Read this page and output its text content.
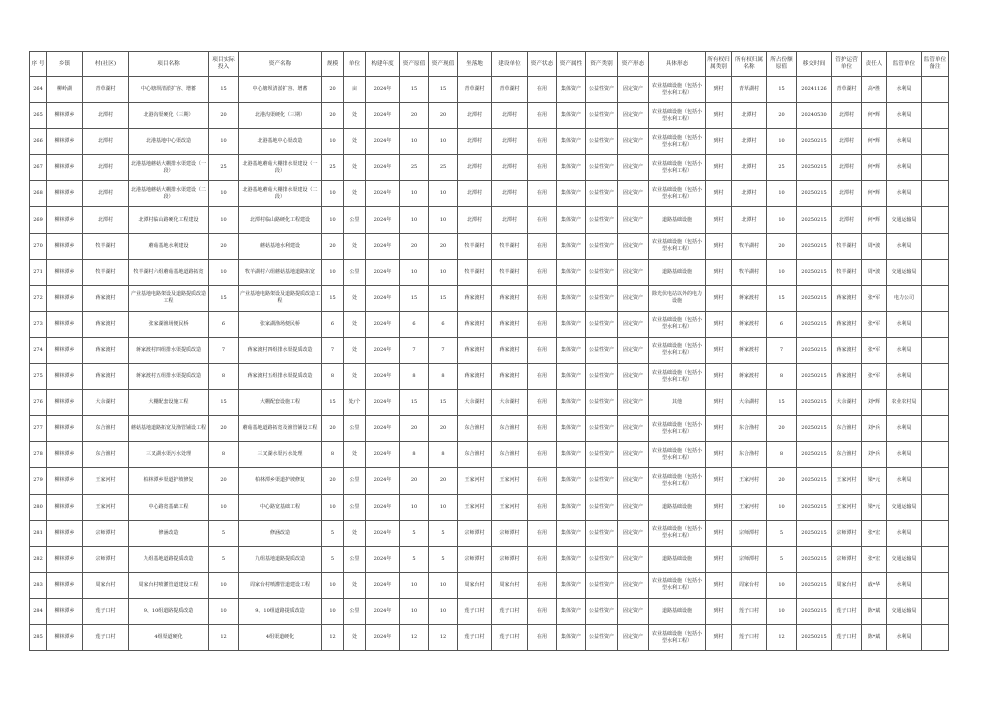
序 号	乡镇	村(社区)	项目名称	项目实际投入	资产名称	规模	单位	构建年度	资产原值	资产现值	坐落地	建设单位	资产状态	资产属性	资产类别	资产形态	具体形态	所有权归属类别	所有权归属名称	所占份额原值	移交时间	管护运营单位	责任人	监管单位	监管单位备注
264	柳岭湖	青草湖村	中心塘坝清淤扩容、增蓄	15	中心塘坝清淤扩容、增蓄	20	亩	2024年	15	15	青草湖村	青草湖村	在用	集体资产	公益性资产	固定资产	农业基础设施（包括小型水利工程）	到村	青草湖村	15	20241126	青草湖村	高*胜	水利局	
265	柳林潭乡	北潭村	北港沟渠硬化（三期）	20	北港沟渠硬化（三期）	20	处	2024年	20	20	北潭村	北潭村	在用	集体资产	公益性资产	固定资产	农业基础设施（包括小型水利工程）	到村	北潭村	20	20240530	北潭村	何*辉	水利局	
266	柳林潭乡	北潭村	北港基地中心渠改造	10	北港基地中心渠改造	10	处	2024年	10	10	北潭村	北潭村	在用	集体资产	公益性资产	固定资产	农业基础设施（包括小型水利工程）	到村	北潭村	10	20250215	北潭村	何*辉	水利局	
267	柳林潭乡	北潭村	北港基地蘑菇大棚排水渠建设（一段）	25	北港基地蘑菇大棚排水渠建设（一段）	25	处	2024年	25	25	北潭村	北潭村	在用	集体资产	公益性资产	固定资产	农业基础设施（包括小型水利工程）	到村	北潭村	25	20250215	北潭村	何*辉	水利局	
268	柳林潭乡	北潭村	北港基地蘑菇大棚排水渠建设（二段）	10	北港基地蘑菇大棚排水渠建设（二段）	10	处	2024年	10	10	北潭村	北潭村	在用	集体资产	公益性资产	固定资产	农业基础设施（包括小型水利工程）	到村	北潭村	10	20250215	北潭村	何*辉	水利局	
269	柳林潭乡	北潭村	北潭村临山路硬化工程建设	10	北潭村临山路硬化工程建设	10	公里	2024年	10	10	北潭村	北潭村	在用	集体资产	公益性资产	固定资产	道路基础设施	到村	北潭村	10	20250215	北潭村	何*辉	交通运输局	
270	柳林潭乡	牧羊湖村	蘑菇基地水利建设	20	蘑菇基地水利建设	20	处	2024年	20	20	牧羊湖村	牧羊湖村	在用	集体资产	公益性资产	固定资产	农业基础设施（包括小型水利工程）	到村	牧羊湖村	20	20250215	牧羊湖村	周*波	水利局	
271	柳林潭乡	牧羊湖村	牧羊湖村六组蘑菇基地道路拓宽	10	牧羊湖村六组蘑菇基地道路拓宽	10	公里	2024年	10	10	牧羊湖村	牧羊湖村	在用	集体资产	公益性资产	固定资产	道路基础设施	到村	牧羊湖村	10	20250215	牧羊湖村	周*波	交通运输局	
272	柳林潭乡	蒋家渡村	产业基地电路架设及道路提质改造工程	15	产业基地电路架设及道路提质改造工程	15	处	2024年	15	15	蒋家渡村	蒋家渡村	在用	集体资产	公益性资产	固定资产	除光伏电站以外的电力设施	到村	蒋家渡村	15	20250215	蒋家渡村	张*军	电力公司	
273	柳林潭乡	蒋家渡村	张家湖渔场便民桥	6	张家湖渔场便民桥	6	处	2024年	6	6	蒋家渡村	蒋家渡村	在用	集体资产	公益性资产	固定资产	农业基础设施（包括小型水利工程）	到村	蒋家渡村	6	20250215	蒋家渡村	张*军	水利局	
274	柳林潭乡	蒋家渡村	蒋家渡村四组排水渠提质改造	7	蒋家渡村四组排水渠提质改造	7	处	2024年	7	7	蒋家渡村	蒋家渡村	在用	集体资产	公益性资产	固定资产	农业基础设施（包括小型水利工程）	到村	蒋家渡村	7	20250215	蒋家渡村	张*军	水利局	
275	柳林潭乡	蒋家渡村	蒋家渡村五组排水渠提质改造	8	蒋家渡村五组排水渠提质改造	8	处	2024年	8	8	蒋家渡村	蒋家渡村	在用	集体资产	公益性资产	固定资产	农业基础设施（包括小型水利工程）	到村	蒋家渡村	8	20250215	蒋家渡村	张*军	水利局	
276	柳林潭乡	大余湖村	大棚配套设施工程	15	大棚配套设施工程	15	处/个	2024年	15	15	大余湖村	大余湖村	在用	集体资产	公益性资产	固定资产	其他	到村	大余湖村	15	20250215	大余湖村	刘*辉	农业农村局	
277	柳林潭乡	东合渔村	蘑菇基地道路拓宽及渔管铺设工程	20	蘑菇基地道路拓宽及渔管铺设工程	20	公里	2024年	20	20	东合渔村	东合渔村	在用	集体资产	公益性资产	固定资产	农业基础设施（包括小型水利工程）	到村	东合渔村	20	20250215	东合渔村	刘*兵	水利局	
278	柳林潭乡	东合渔村	三叉湖水渠污水处理	8	三叉湖水渠污水处理	8	处	2024年	8	8	东合渔村	东合渔村	在用	集体资产	公益性资产	固定资产	农业基础设施（包括小型水利工程）	到村	东合渔村	8	20250215	东合渔村	刘*兵	水利局	
279	柳林潭乡	王家河村	柏林潭乡渠道护坡修复	20	柏林潭乡渠道护坡修复	20	公里	2024年	20	20	王家河村	王家河村	在用	集体资产	公益性资产	固定资产	农业基础设施（包括小型水利工程）	到村	王家河村	20	20250215	王家河村	梁*元	水利局	
280	柳林潭乡	王家河村	中心路宽基础工程	10	中心路宽基础工程	10	公里	2024年	10	10	王家河村	王家河村	在用	集体资产	公益性资产	固定资产	道路基础设施	到村	王家河村	10	20250215	王家河村	梁*元	交通运输局	
281	柳林潭乡	宗师潭村	修涵改造	5	修涵改造	5	处	2024年	5	5	宗师潭村	宗师潭村	在用	集体资产	公益性资产	固定资产	农业基础设施（包括小型水利工程）	到村	宗师潭村	5	20250215	宗师潭村	张*宏	水利局	
282	柳林潭乡	宗师潭村	九组基地道路提质改造	5	九组基地道路提质改造	5	公里	2024年	5	5	宗师潭村	宗师潭村	在用	集体资产	公益性资产	固定资产	道路基础设施	到村	宗师潭村	5	20250215	宗师潭村	张*宏	交通运输局	
283	柳林潭乡	周家台村	周家台村喷灌管道建设工程	10	周家台村喷灌管道建设工程	10	处	2024年	10	10	周家台村	周家台村	在用	集体资产	公益性资产	固定资产	农业基础设施（包括小型水利工程）	到村	周家台村	10	20250215	周家台村	戚*华	水利局	
284	柳林潭乡	莲子口村	9、10组道路提质改造	10	9、10组道路提质改造	10	公里	2024年	10	10	莲子口村	莲子口村	在用	集体资产	公益性资产	固定资产	道路基础设施	到村	莲子口村	10	20250215	莲子口村	陈*斌	交通运输局	
285	柳林潭乡	莲子口村	4组渠道硬化	12	4组渠道硬化	12	处	2024年	12	12	莲子口村	莲子口村	在用	集体资产	公益性资产	固定资产	农业基础设施（包括小型水利工程）	到村	莲子口村	12	20250215	莲子口村	陈*斌	水利局	
